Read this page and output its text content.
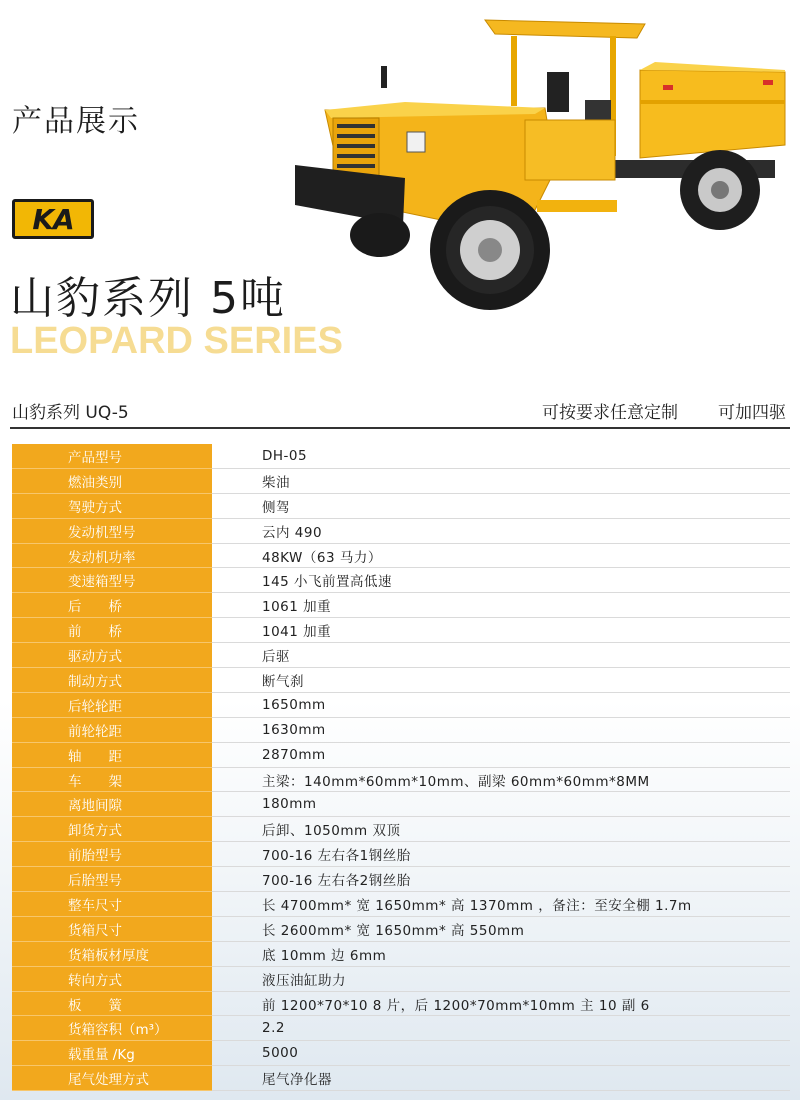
产品展示
KA
山豹系列 5吨
LEOPARD SERIES
山豹系列 UQ-5	可按要求任意定制 可加四驱
产品型号	DH-05
燃油类别	柴油
驾驶方式	侧驾
发动机型号	云内 490
发动机功率	48KW（63 马力）
变速箱型号	145 小飞前置高低速
后　　桥	1061 加重
前　　桥	1041 加重
驱动方式	后驱
制动方式	断气刹
后轮轮距	1650mm
前轮轮距	1630mm
轴　　距	2870mm
车　　架	主梁：140mm*60mm*10mm、副梁 60mm*60mm*8MM
离地间隙	180mm
卸货方式	后卸、1050mm 双顶
前胎型号	700-16 左右各1钢丝胎
后胎型号	700-16 左右各2钢丝胎
整车尺寸	长 4700mm* 宽 1650mm* 高 1370mm ，备注：至安全棚 1.7m
货箱尺寸	长 2600mm* 宽 1650mm* 高 550mm
货箱板材厚度	底 10mm 边 6mm
转向方式	液压油缸助力
板　　簧	前 1200*70*10 8 片，后 1200*70mm*10mm 主 10 副 6
货箱容积（m³）	2.2
载重量 /Kg	5000
尾气处理方式	尾气净化器
